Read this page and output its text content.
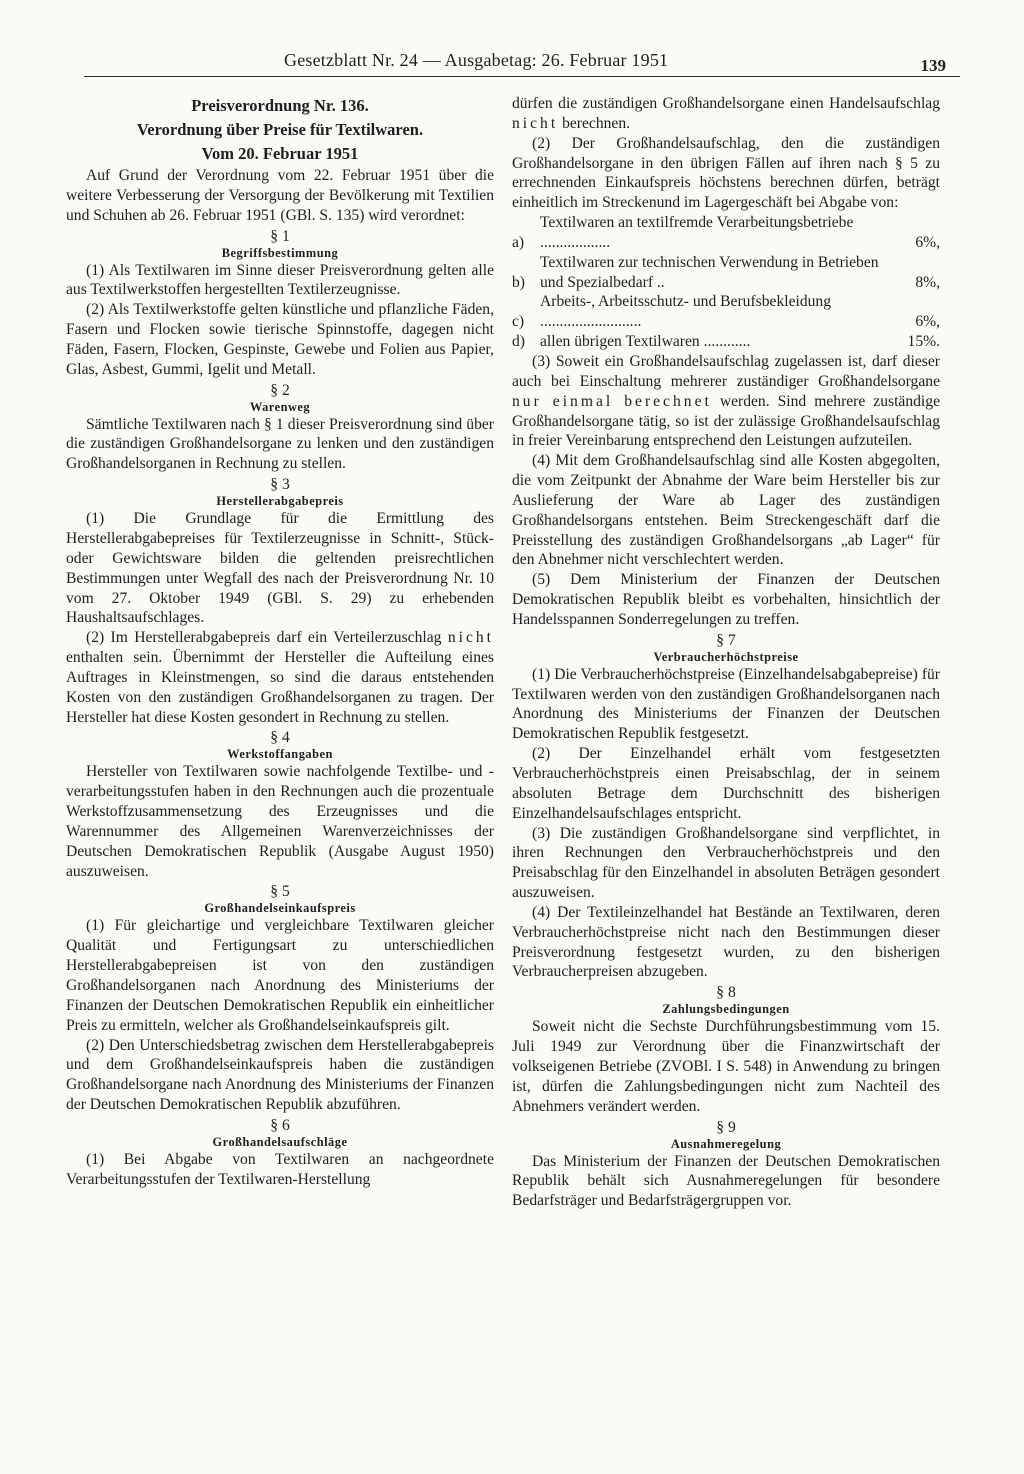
Gesetzblatt Nr. 24 — Ausgabetag: 26. Februar 1951	139
Preisverordnung Nr. 136.
Verordnung über Preise für Textilwaren.
Vom 20. Februar 1951

Auf Grund der Verordnung vom 22. Februar 1951 über die weitere Verbesserung der Versorgung der Bevölkerung mit Textilien und Schuhen ab 26. Februar 1951 (GBl. S. 135) wird verordnet:

§ 1
Begriffsbestimmung

(1) Als Textilwaren im Sinne dieser Preisverordnung gelten alle aus Textilwerkstoffen hergestellten Textilerzeugnisse.

(2) Als Textilwerkstoffe gelten künstliche und pflanzliche Fäden, Fasern und Flocken sowie tierische Spinnstoffe, dagegen nicht Fäden, Fasern, Flocken, Gespinste, Gewebe und Folien aus Papier, Glas, Asbest, Gummi, Igelit und Metall.

§ 2
Warenweg

Sämtliche Textilwaren nach § 1 dieser Preisverordnung sind über die zuständigen Großhandelsorgane zu lenken und den zuständigen Großhandelsorganen in Rechnung zu stellen.

§ 3
Herstellerabgabepreis

(1) Die Grundlage für die Ermittlung des Herstellerabgabepreises für Textilerzeugnisse in Schnitt-, Stück- oder Gewichtsware bilden die geltenden preisrechtlichen Bestimmungen unter Wegfall des nach der Preisverordnung Nr. 10 vom 27. Oktober 1949 (GBl. S. 29) zu erhebenden Haushaltsaufschlages.

(2) Im Herstellerabgabepreis darf ein Verteilerzuschlag nicht enthalten sein. Übernimmt der Hersteller die Aufteilung eines Auftrages in Kleinstmengen, so sind die daraus entstehenden Kosten von den zuständigen Großhandelsorganen zu tragen. Der Hersteller hat diese Kosten gesondert in Rechnung zu stellen.

§ 4
Werkstoffangaben

Hersteller von Textilwaren sowie nachfolgende Textilbe- und -verarbeitungsstufen haben in den Rechnungen auch die prozentuale Werkstoffzusammensetzung des Erzeugnisses und die Warennummer des Allgemeinen Warenverzeichnisses der Deutschen Demokratischen Republik (Ausgabe August 1950) auszuweisen.

§ 5
Großhandelseinkaufspreis

(1) Für gleichartige und vergleichbare Textilwaren gleicher Qualität und Fertigungsart zu unterschiedlichen Herstellerabgabepreisen ist von den zuständigen Großhandelsorganen nach Anordnung des Ministeriums der Finanzen der Deutschen Demokratischen Republik ein einheitlicher Preis zu ermitteln, welcher als Großhandelseinkaufspreis gilt.

(2) Den Unterschiedsbetrag zwischen dem Herstellerabgabepreis und dem Großhandelseinkaufspreis haben die zuständigen Großhandelsorgane nach Anordnung des Ministeriums der Finanzen der Deutschen Demokratischen Republik abzuführen.

§ 6
Großhandelsaufschläge

(1) Bei Abgabe von Textilwaren an nachgeordnete Verarbeitungsstufen der Textilwaren-Herstellung

dürfen die zuständigen Großhandelsorgane einen Handelsaufschlag nicht berechnen.

(2) Der Großhandelsaufschlag, den die zuständigen Großhandelsorgane in den übrigen Fällen auf ihren nach § 5 zu errechnenden Einkaufspreis höchstens berechnen dürfen, beträgt einheitlich im Streckenund im Lagergeschäft bei Abgabe von:

a)
Textilwaren an textilfremde Verarbeitungsbetriebe ..................	6%,
b)
Textilwaren zur technischen Verwendung in Betrieben und Spezialbedarf ..	8%,
c)
Arbeits-, Arbeitsschutz- und Berufsbekleidung ..........................	6%,
d) allen übrigen Textilwaren ............	15%.

(3) Soweit ein Großhandelsaufschlag zugelassen ist, darf dieser auch bei Einschaltung mehrerer zuständiger Großhandelsorgane nur einmal berechnet werden. Sind mehrere zuständige Großhandelsorgane tätig, so ist der zulässige Großhandelsaufschlag in freier Vereinbarung entsprechend den Leistungen aufzuteilen.

(4) Mit dem Großhandelsaufschlag sind alle Kosten abgegolten, die vom Zeitpunkt der Abnahme der Ware beim Hersteller bis zur Auslieferung der Ware ab Lager des zuständigen Großhandelsorgans entstehen. Beim Streckengeschäft darf die Preisstellung des zuständigen Großhandelsorgans „ab Lager“ für den Abnehmer nicht verschlechtert werden.

(5) Dem Ministerium der Finanzen der Deutschen Demokratischen Republik bleibt es vorbehalten, hinsichtlich der Handelsspannen Sonderregelungen zu treffen.

§ 7
Verbraucherhöchstpreise

(1) Die Verbraucherhöchstpreise (Einzelhandelsabgabepreise) für Textilwaren werden von den zuständigen Großhandelsorganen nach Anordnung des Ministeriums der Finanzen der Deutschen Demokratischen Republik festgesetzt.

(2) Der Einzelhandel erhält vom festgesetzten Verbraucherhöchstpreis einen Preisabschlag, der in seinem absoluten Betrage dem Durchschnitt des bisherigen Einzelhandelsaufschlages entspricht.

(3) Die zuständigen Großhandelsorgane sind verpflichtet, in ihren Rechnungen den Verbraucherhöchstpreis und den Preisabschlag für den Einzelhandel in absoluten Beträgen gesondert auszuweisen.

(4) Der Textileinzelhandel hat Bestände an Textilwaren, deren Verbraucherhöchstpreise nicht nach den Bestimmungen dieser Preisverordnung festgesetzt wurden, zu den bisherigen Verbraucherpreisen abzugeben.

§ 8
Zahlungsbedingungen

Soweit nicht die Sechste Durchführungsbestimmung vom 15. Juli 1949 zur Verordnung über die Finanzwirtschaft der volkseigenen Betriebe (ZVOBl. I S. 548) in Anwendung zu bringen ist, dürfen die Zahlungsbedingungen nicht zum Nachteil des Abnehmers verändert werden.

§ 9
Ausnahmeregelung

Das Ministerium der Finanzen der Deutschen Demokratischen Republik behält sich Ausnahmeregelungen für besondere Bedarfsträger und Bedarfsträgergruppen vor.
